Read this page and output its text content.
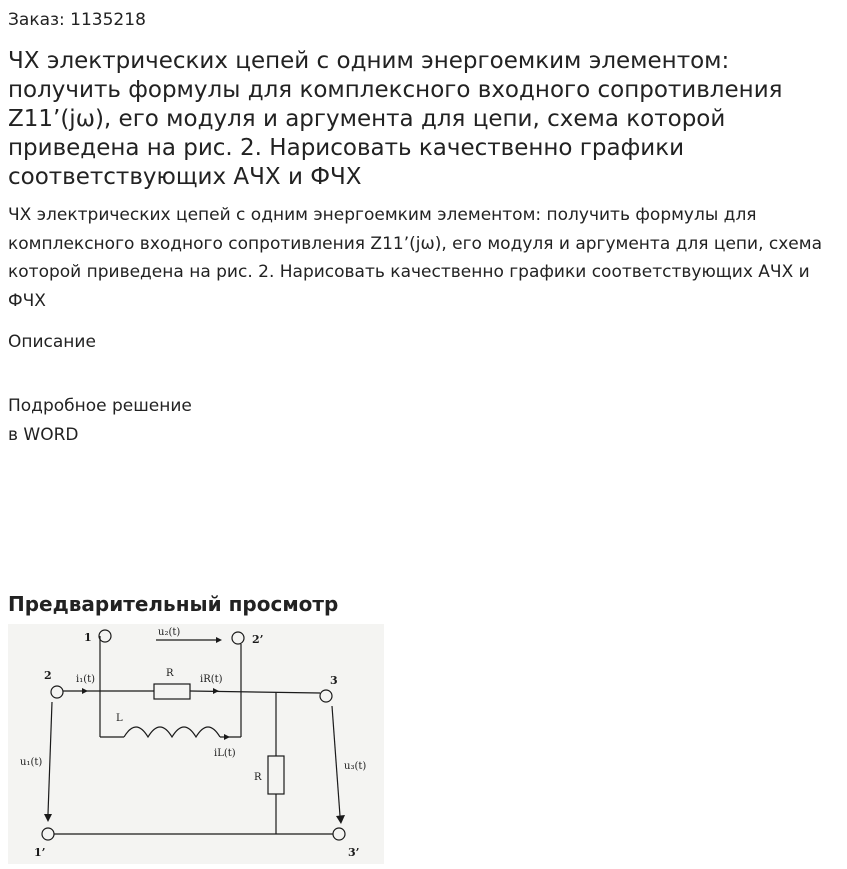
Заказ: 1135218
ЧХ электрических цепей с одним энергоемким элементом: получить формулы для комплексного входного сопротивления Z11’(jω), его модуля и аргумента для цепи, схема которой приведена на рис. 2. Нарисовать качественно графики соответствующих АЧХ и ФЧХ

ЧХ электрических цепей с одним энергоемким элементом: получить формулы для комплексного входного сопротивления Z11’(jω), его модуля и аргумента для цепи, схема которой приведена на рис. 2. Нарисовать качественно графики соответствующих АЧХ и ФЧХ

Описание
Подробное решение
в WORD
Предварительный просмотр
1	2’
2	3
1’	3’
R
R
L
i₁(t)	iR(t)
iL(t)
u₁(t)
u₂(t)
u₃(t)
